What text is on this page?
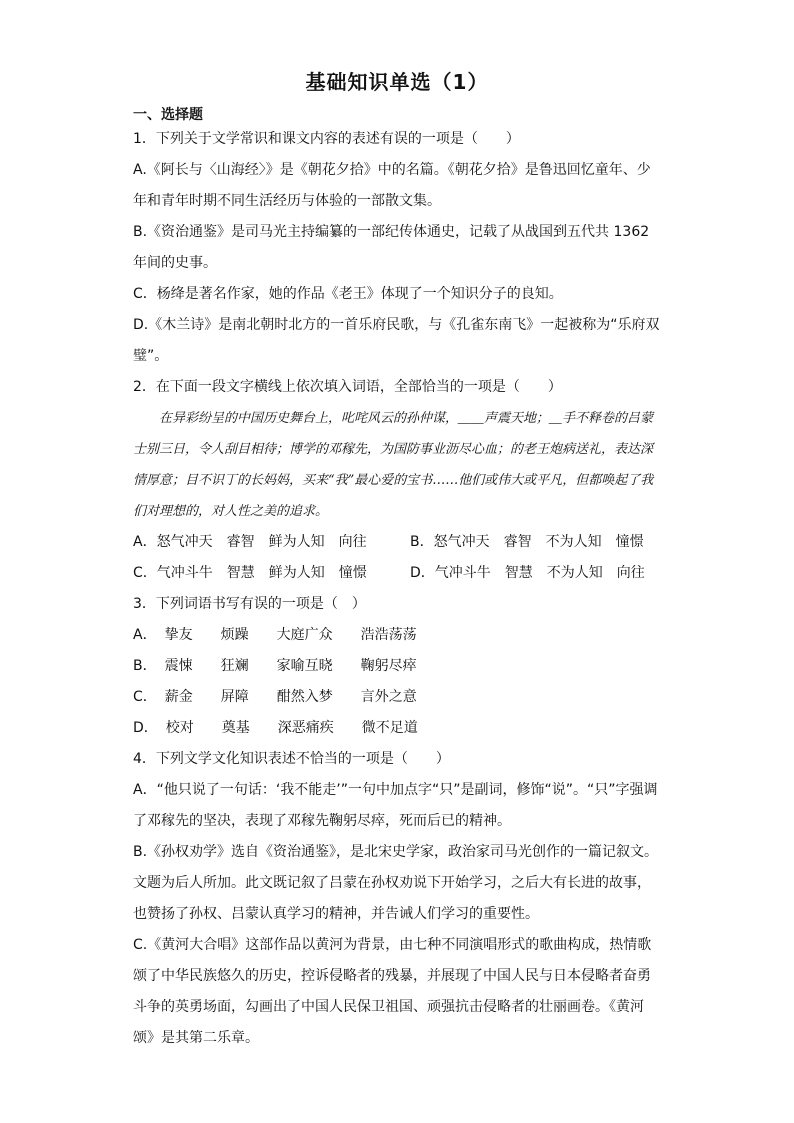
基础知识单选（1）
一、选择题

1．下列关于文学常识和课文内容的表述有误的一项是（　　）

A.《阿长与〈山海经〉》是《朝花夕拾》中的名篇。《朝花夕拾》是鲁迅回忆童年、少年和青年时期不同生活经历与体验的一部散文集。

B.《资治通鉴》是司马光主持编纂的一部纪传体通史，记载了从战国到五代共 1362 年间的史事。

C．杨绛是著名作家，她的作品《老王》体现了一个知识分子的良知。

D.《木兰诗》是南北朝时北方的一首乐府民歌，与《孔雀东南飞》一起被称为“乐府双璧”。

2．在下面一段文字横线上依次填入词语，全部恰当的一项是（　　）

在异彩纷呈的中国历史舞台上，叱咤风云的孙仲谋，＿＿声震天地；＿手不释卷的吕蒙士别三日，令人刮目相待；博学的邓稼先，为国防事业沥尽心血；的老王炮病送礼，表达深情厚意；目不识丁的长妈妈，买来“我”最心爱的宝书……他们或伟大或平凡，但都唤起了我们对理想的，对人性之美的追求。

A．怒气冲天　睿智　鲜为人知　向往	B．怒气冲天　睿智　不为人知　憧憬
C．气冲斗牛　智慧　鲜为人知　憧憬	D．气冲斗牛　智慧　不为人知　向往

3．下列词语书写有误的一项是（　）

A． 挚友 烦躁 大庭广众 浩浩荡荡
B． 震悚 狂斓 家喻互晓 鞠躬尽瘁
C． 薪金 屏障 酣然入梦 言外之意
D． 校对 奠基 深恶痛疾 微不足道

4．下列文学文化知识表述不恰当的一项是（　　）

A．“他只说了一句话：‘我不能走’”一句中加点字“只”是副词，修饰“说”。“只”字强调了邓稼先的坚决，表现了邓稼先鞠躬尽瘁，死而后已的精神。

B.《孙权劝学》选自《资治通鉴》，是北宋史学家，政治家司马光创作的一篇记叙文。文题为后人所加。此文既记叙了吕蒙在孙权劝说下开始学习，之后大有长进的故事，也赞扬了孙权、吕蒙认真学习的精神，并告诫人们学习的重要性。

C.《黄河大合唱》这部作品以黄河为背景，由七种不同演唱形式的歌曲构成，热情歌颂了中华民族悠久的历史，控诉侵略者的残暴，并展现了中国人民与日本侵略者奋勇斗争的英勇场面，勾画出了中国人民保卫祖国、顽强抗击侵略者的壮丽画卷。《黄河颂》是其第二乐章。
